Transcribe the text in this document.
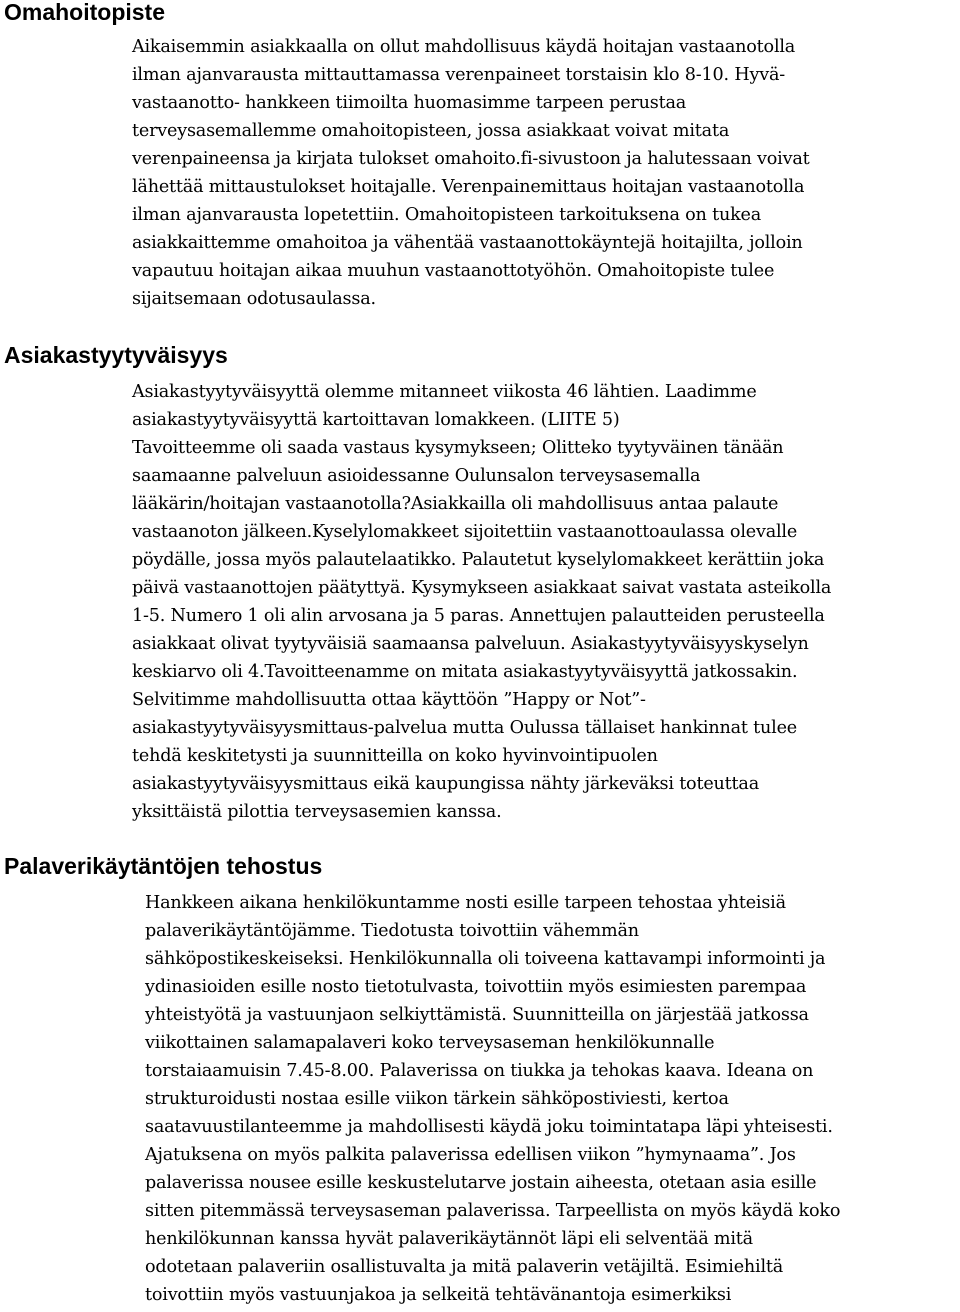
Omahoitopiste
Aikaisemmin asiakkaalla on ollut mahdollisuus käydä hoitajan vastaanotolla
ilman ajanvarausta mittauttamassa verenpaineet torstaisin klo 8-10. Hyvä-
vastaanotto- hankkeen tiimoilta huomasimme tarpeen perustaa
terveysasemallemme omahoitopisteen, jossa asiakkaat voivat mitata
verenpaineensa ja kirjata tulokset omahoito.fi-sivustoon ja halutessaan voivat
lähettää mittaustulokset hoitajalle. Verenpainemittaus hoitajan vastaanotolla
ilman ajanvarausta lopetettiin. Omahoitopisteen tarkoituksena on tukea
asiakkaittemme omahoitoa ja vähentää vastaanottokäyntejä hoitajilta, jolloin
vapautuu hoitajan aikaa muuhun vastaanottotyöhön. Omahoitopiste tulee
sijaitsemaan odotusaulassa.
Asiakastyytyväisyys
Asiakastyytyväisyyttä olemme mitanneet viikosta 46 lähtien. Laadimme
asiakastyytyväisyyttä kartoittavan lomakkeen. (LIITE 5)
Tavoitteemme oli saada vastaus kysymykseen; Olitteko tyytyväinen tänään
saamaanne palveluun asioidessanne Oulunsalon terveysasemalla
lääkärin/hoitajan vastaanotolla?Asiakkailla oli mahdollisuus antaa palaute
vastaanoton jälkeen.Kyselylomakkeet sijoitettiin vastaanottoaulassa olevalle
pöydälle, jossa myös palautelaatikko. Palautetut kyselylomakkeet kerättiin joka
päivä vastaanottojen päätyttyä. Kysymykseen asiakkaat saivat vastata asteikolla
1-5. Numero 1 oli alin arvosana ja 5 paras. Annettujen palautteiden perusteella
asiakkaat olivat tyytyväisiä saamaansa palveluun. Asiakastyytyväisyyskyselyn
keskiarvo oli 4.Tavoitteenamme on mitata asiakastyytyväisyyttä jatkossakin.
Selvitimme mahdollisuutta ottaa käyttöön ”Happy or Not”-
asiakastyytyväisyysmittaus-palvelua mutta Oulussa tällaiset hankinnat tulee
tehdä keskitetysti ja suunnitteilla on koko hyvinvointipuolen
asiakastyytyväisyysmittaus eikä kaupungissa nähty järkeväksi toteuttaa
yksittäistä pilottia terveysasemien kanssa.
Palaverikäytäntöjen tehostus
Hankkeen aikana henkilökuntamme nosti esille tarpeen tehostaa yhteisiä
palaverikäytäntöjämme. Tiedotusta toivottiin vähemmän
sähköpostikeskeiseksi. Henkilökunnalla oli toiveena kattavampi informointi ja
ydinasioiden esille nosto tietotulvasta, toivottiin myös esimiesten parempaa
yhteistyötä ja vastuunjaon selkiyttämistä. Suunnitteilla on järjestää jatkossa
viikottainen salamapalaveri koko terveysaseman henkilökunnalle
torstaiaamuisin 7.45-8.00. Palaverissa on tiukka ja tehokas kaava. Ideana on
strukturoidusti nostaa esille viikon tärkein sähköpostiviesti, kertoa
saatavuustilanteemme ja mahdollisesti käydä joku toimintatapa läpi yhteisesti.
Ajatuksena on myös palkita palaverissa edellisen viikon ”hymynaama”. Jos
palaverissa nousee esille keskustelutarve jostain aiheesta, otetaan asia esille
sitten pitemmässä terveysaseman palaverissa. Tarpeellista on myös käydä koko
henkilökunnan kanssa hyvät palaverikäytännöt läpi eli selventää mitä
odotetaan palaveriin osallistuvalta ja mitä palaverin vetäjiltä. Esimiehiltä
toivottiin myös vastuunjakoa ja selkeitä tehtävänantoja esimerkiksi
